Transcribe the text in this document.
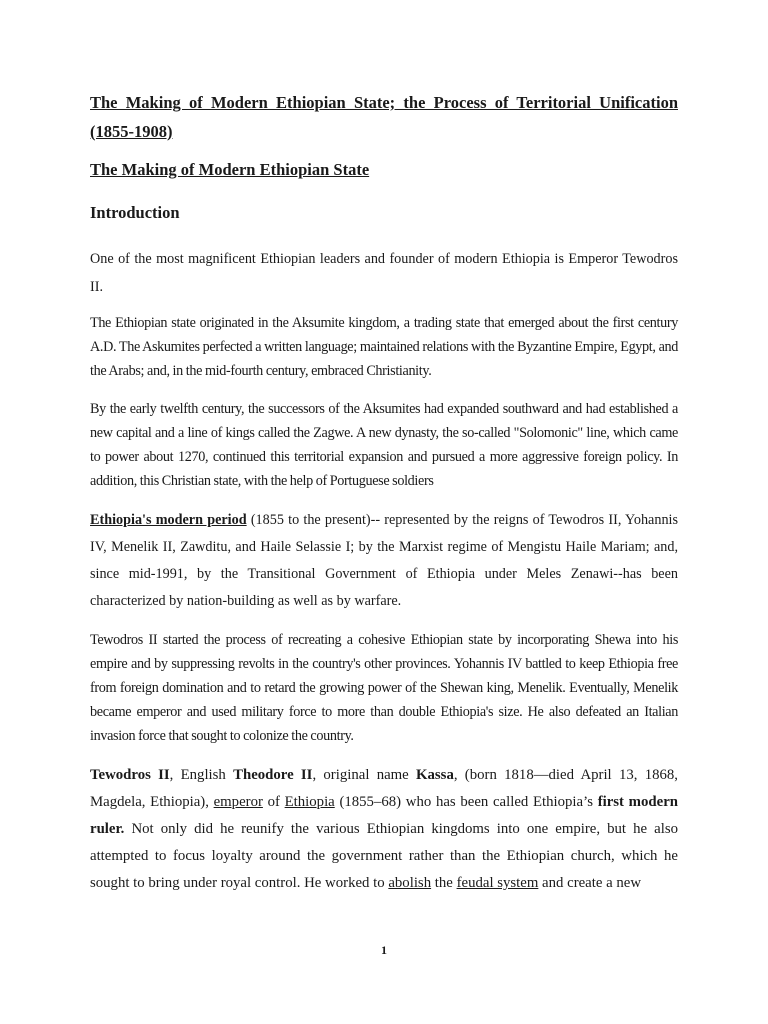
The Making of Modern Ethiopian State; the Process of Territorial Unification (1855-1908)
The Making of Modern Ethiopian State
Introduction

One of the most magnificent Ethiopian leaders and founder of modern Ethiopia is Emperor Tewodros II.

The Ethiopian state originated in the Aksumite kingdom, a trading state that emerged about the first century A.D. The Askumites perfected a written language; maintained relations with the Byzantine Empire, Egypt, and the Arabs; and, in the mid-fourth century, embraced Christianity.

By the early twelfth century, the successors of the Aksumites had expanded southward and had established a new capital and a line of kings called the Zagwe. A new dynasty, the so-called "Solomonic" line, which came to power about 1270, continued this territorial expansion and pursued a more aggressive foreign policy. In addition, this Christian state, with the help of Portuguese soldiers

Ethiopia's modern period (1855 to the present)-- represented by the reigns of Tewodros II, Yohannis IV, Menelik II, Zawditu, and Haile Selassie I; by the Marxist regime of Mengistu Haile Mariam; and, since mid-1991, by the Transitional Government of Ethiopia under Meles Zenawi--has been characterized by nation-building as well as by warfare.

Tewodros II started the process of recreating a cohesive Ethiopian state by incorporating Shewa into his empire and by suppressing revolts in the country's other provinces. Yohannis IV battled to keep Ethiopia free from foreign domination and to retard the growing power of the Shewan king, Menelik. Eventually, Menelik became emperor and used military force to more than double Ethiopia's size. He also defeated an Italian invasion force that sought to colonize the country.

Tewodros II, English Theodore II, original name Kassa, (born 1818—died April 13, 1868, Magdela, Ethiopia), emperor of Ethiopia (1855–68) who has been called Ethiopia’s first modern ruler. Not only did he reunify the various Ethiopian kingdoms into one empire, but he also attempted to focus loyalty around the government rather than the Ethiopian church, which he sought to bring under royal control. He worked to abolish the feudal system and create a new

1
